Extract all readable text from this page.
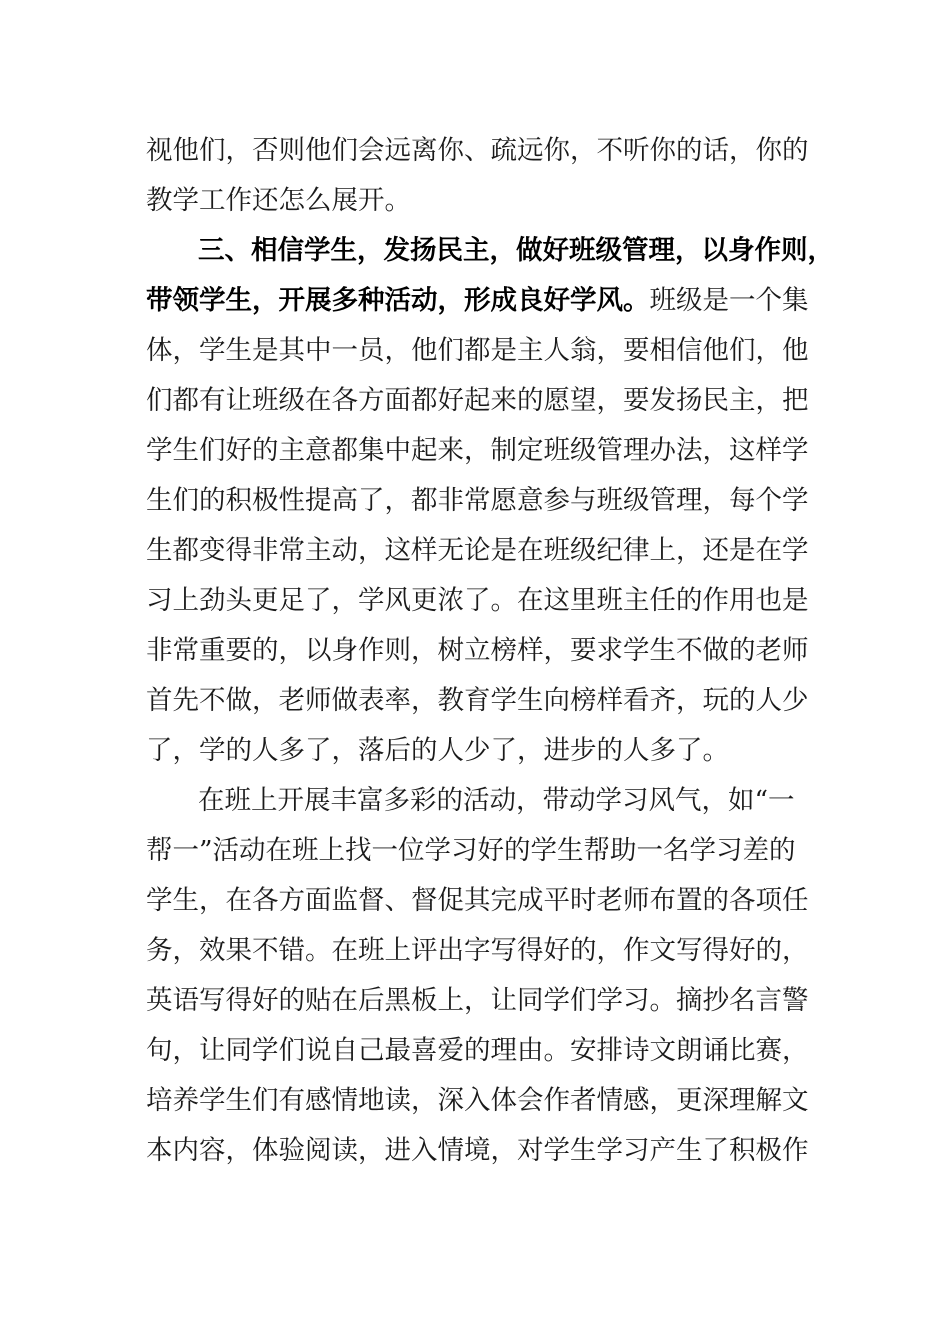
视他们，否则他们会远离你、疏远你，不听你的话，你的
教学工作还怎么展开。
三、相信学生，发扬民主，做好班级管理，以身作则，
带领学生，开展多种活动，形成良好学风。班级是一个集
体，学生是其中一员，他们都是主人翁，要相信他们，他
们都有让班级在各方面都好起来的愿望，要发扬民主，把
学生们好的主意都集中起来，制定班级管理办法，这样学
生们的积极性提高了，都非常愿意参与班级管理，每个学
生都变得非常主动，这样无论是在班级纪律上，还是在学
习上劲头更足了，学风更浓了。在这里班主任的作用也是
非常重要的，以身作则，树立榜样，要求学生不做的老师
首先不做，老师做表率，教育学生向榜样看齐，玩的人少
了，学的人多了，落后的人少了，进步的人多了。
在班上开展丰富多彩的活动，带动学习风气，如“一
帮一”活动在班上找一位学习好的学生帮助一名学习差的
学生，在各方面监督、督促其完成平时老师布置的各项任
务，效果不错。在班上评出字写得好的，作文写得好的，
英语写得好的贴在后黑板上，让同学们学习。摘抄名言警
句，让同学们说自己最喜爱的理由。安排诗文朗诵比赛，
培养学生们有感情地读，深入体会作者情感，更深理解文
本内容，体验阅读，进入情境，对学生学习产生了积极作
